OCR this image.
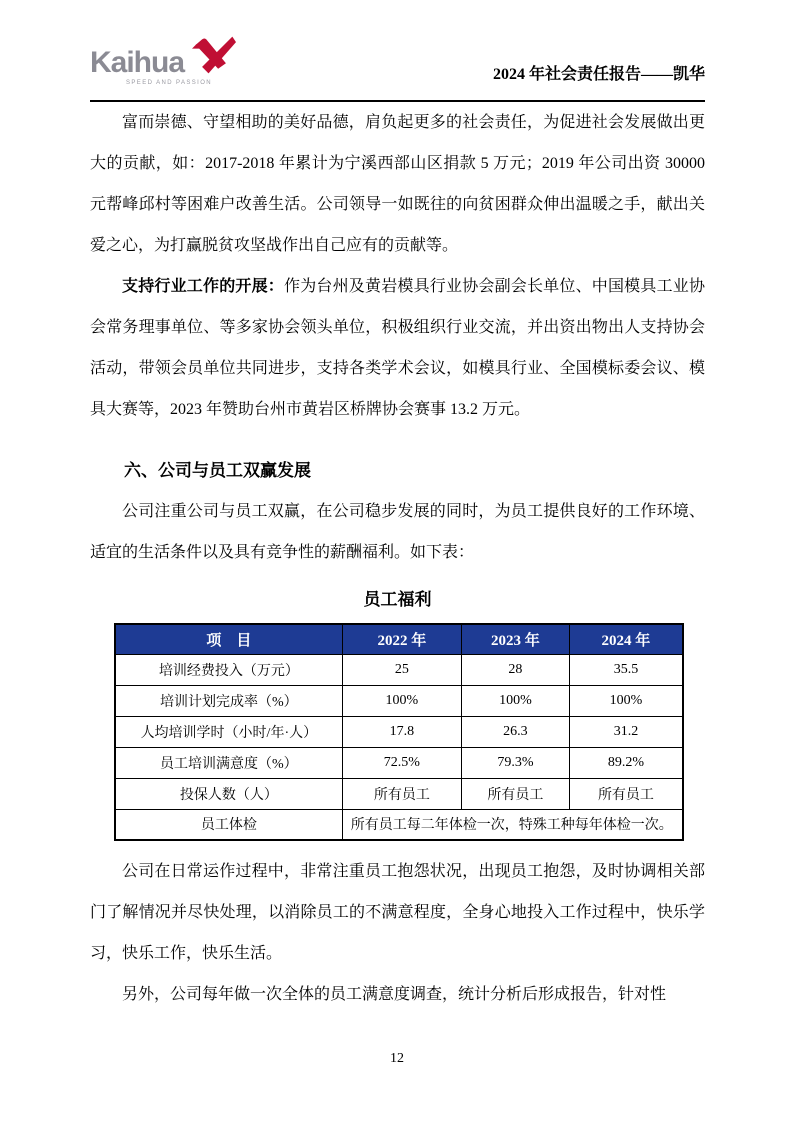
Kaihua
SPEED AND PASSION	2024 年社会责任报告——凯华

富而崇德、守望相助的美好品德，肩负起更多的社会责任，为促进社会发展做出更大的贡献，如：2017-2018 年累计为宁溪西部山区捐款 5 万元；2019 年公司出资 30000 元帮峰邱村等困难户改善生活。公司领导一如既往的向贫困群众伸出温暖之手，献出关爱之心，为打赢脱贫攻坚战作出自己应有的贡献等。

支持行业工作的开展：作为台州及黄岩模具行业协会副会长单位、中国模具工业协会常务理事单位、等多家协会领头单位，积极组织行业交流，并出资出物出人支持协会活动，带领会员单位共同进步，支持各类学术会议，如模具行业、全国模标委会议、模具大赛等，2023 年赞助台州市黄岩区桥牌协会赛事 13.2 万元。

六、公司与员工双赢发展

公司注重公司与员工双赢，在公司稳步发展的同时，为员工提供良好的工作环境、适宜的生活条件以及具有竞争性的薪酬福利。如下表：

员工福利
项　目	2022 年	2023 年	2024 年
培训经费投入（万元）	25	28	35.5
培训计划完成率（%）	100%	100%	100%
人均培训学时（小时/年·人）	17.8	26.3	31.2
员工培训满意度（%）	72.5%	79.3%	89.2%
投保人数（人）	所有员工	所有员工	所有员工
员工体检	所有员工每二年体检一次，特殊工种每年体检一次。		

公司在日常运作过程中，非常注重员工抱怨状况，出现员工抱怨，及时协调相关部门了解情况并尽快处理，以消除员工的不满意程度，全身心地投入工作过程中，快乐学习，快乐工作，快乐生活。

另外，公司每年做一次全体的员工满意度调查，统计分析后形成报告，针对性

12
